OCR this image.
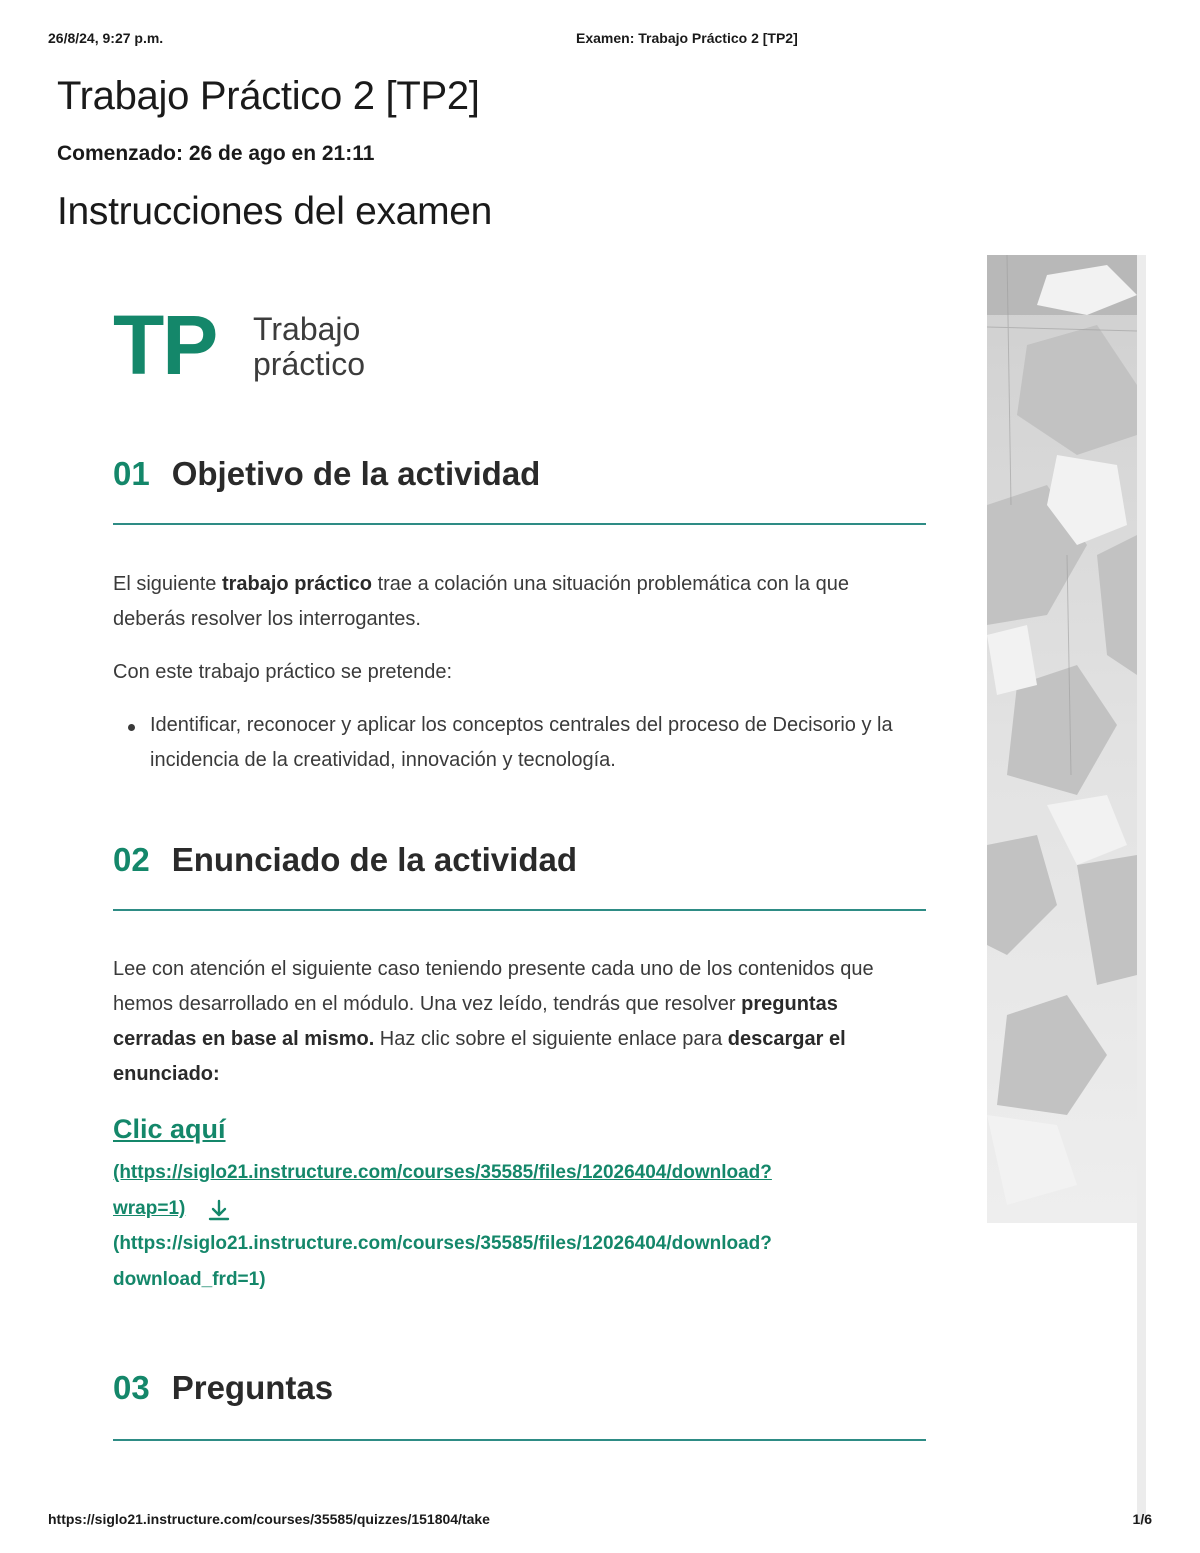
26/8/24, 9:27 p.m.	Examen: Trabajo Práctico 2 [TP2]
Trabajo Práctico 2 [TP2]
Comenzado: 26 de ago en 21:11
Instrucciones del examen
TP Trabajo
práctico
01 Objetivo de la actividad

El siguiente trabajo práctico trae a colación una situación problemática con la que deberás resolver los interrogantes.

Con este trabajo práctico se pretende:

Identificar, reconocer y aplicar los conceptos centrales del proceso de Decisorio y la incidencia de la creatividad, innovación y tecnología.
02 Enunciado de la actividad

Lee con atención el siguiente caso teniendo presente cada uno de los contenidos que hemos desarrollado en el módulo. Una vez leído, tendrás que resolver preguntas cerradas en base al mismo. Haz clic sobre el siguiente enlace para descargar el enunciado:

Clic aquí
(https://siglo21.instructure.com/courses/35585/files/12026404/download?
wrap=1)
(https://siglo21.instructure.com/courses/35585/files/12026404/download?
download_frd=1)
03 Preguntas
https://siglo21.instructure.com/courses/35585/quizzes/151804/take	1/6
